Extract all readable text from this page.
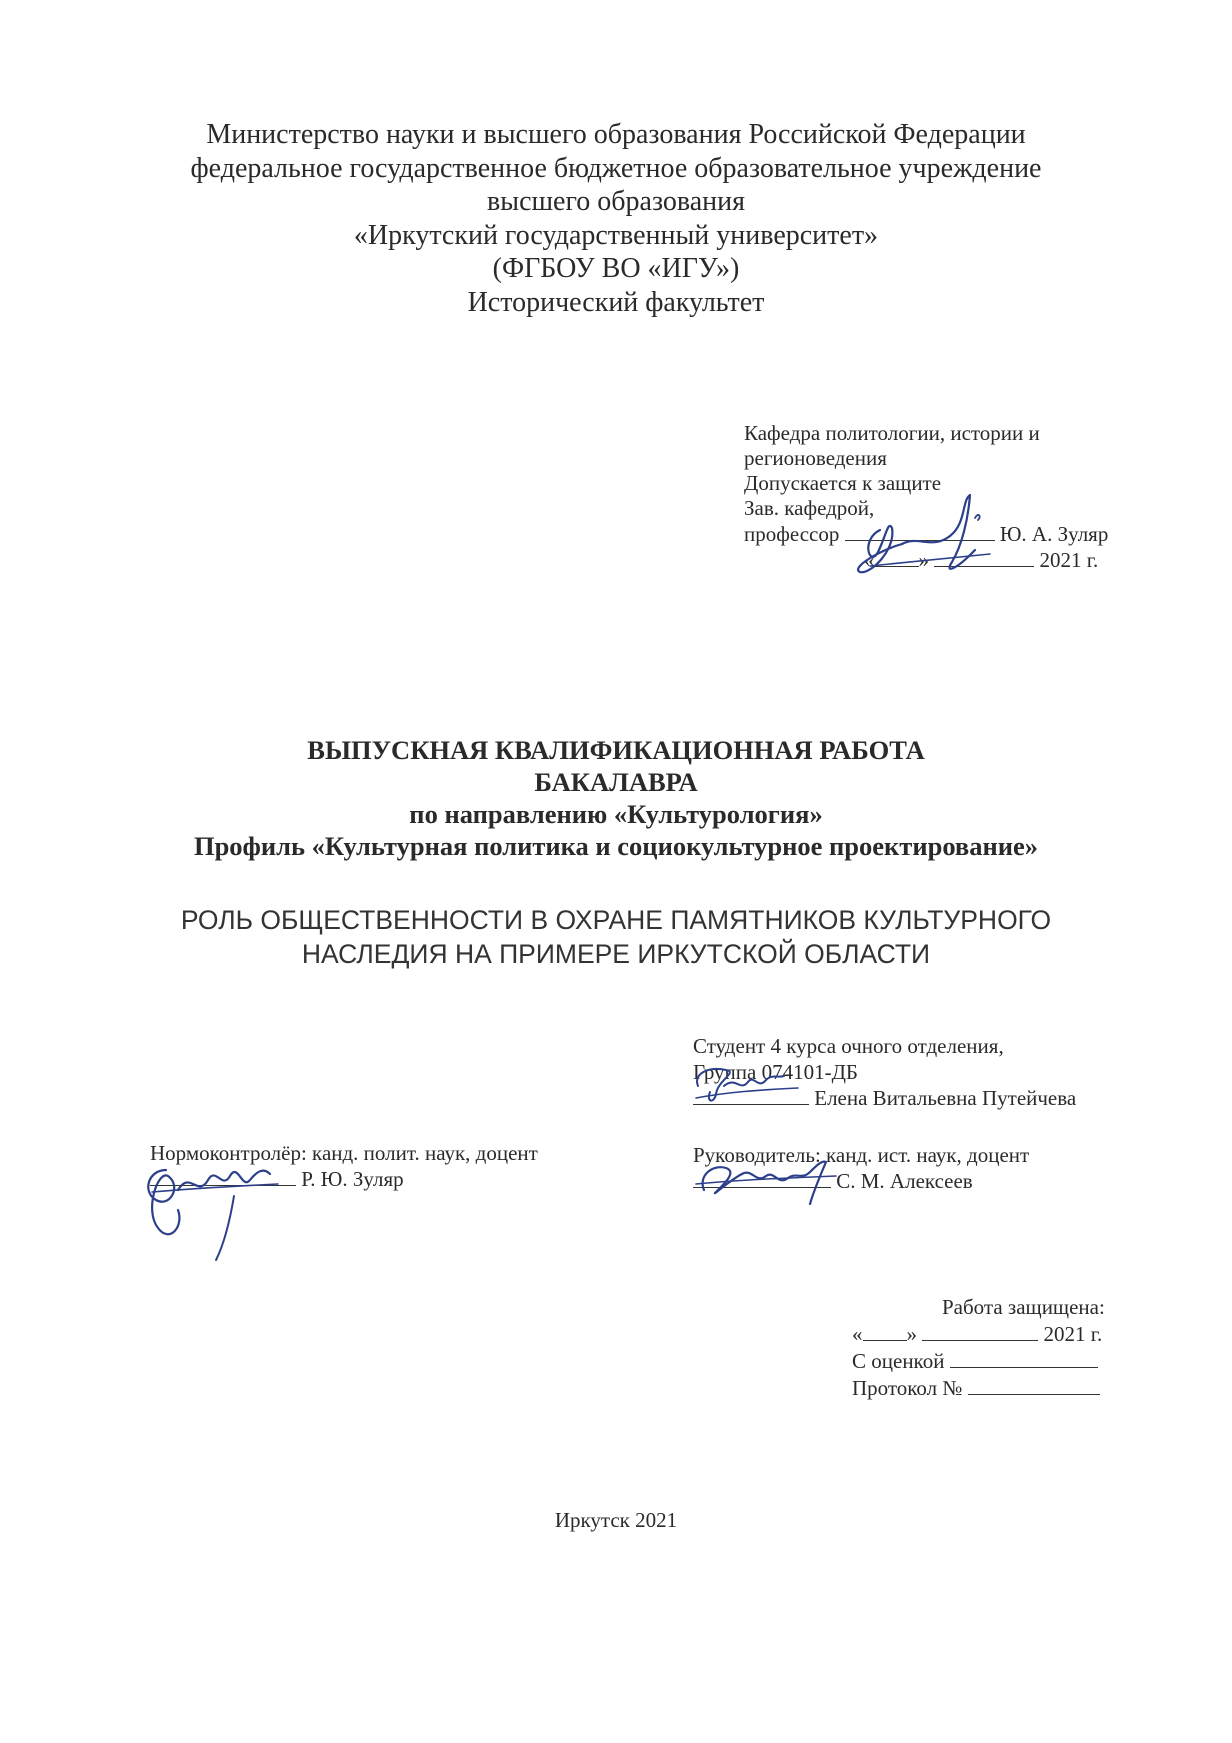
Министерство науки и высшего образования Российской Федерации
федеральное государственное бюджетное образовательное учреждение
высшего образования
«Иркутский государственный университет»
(ФГБОУ ВО «ИГУ»)
Исторический факультет
Кафедра политологии, истории и
регионоведения
Допускается к защите
Зав. кафедрой,
профессор	Ю. А. Зуляр
« »	2021 г.
ВЫПУСКНАЯ КВАЛИФИКАЦИОННАЯ РАБОТА
БАКАЛАВРА
по направлению «Культурология»
Профиль «Культурная политика и социокультурное проектирование»
РОЛЬ ОБЩЕСТВЕННОСТИ В ОХРАНЕ ПАМЯТНИКОВ КУЛЬТУРНОГО
НАСЛЕДИЯ НА ПРИМЕРЕ ИРКУТСКОЙ ОБЛАСТИ
Студент 4 курса очного отделения,
Группа 074101-ДБ
Елена Витальевна Путейчева
Нормоконтролёр: канд. полит. наук, доцент
Р. Ю. Зуляр
Руководитель: канд. ист. наук, доцент
С. М. Алексеев
Работа защищена:
« »	2021 г.
С оценкой
Протокол №
Иркутск 2021
